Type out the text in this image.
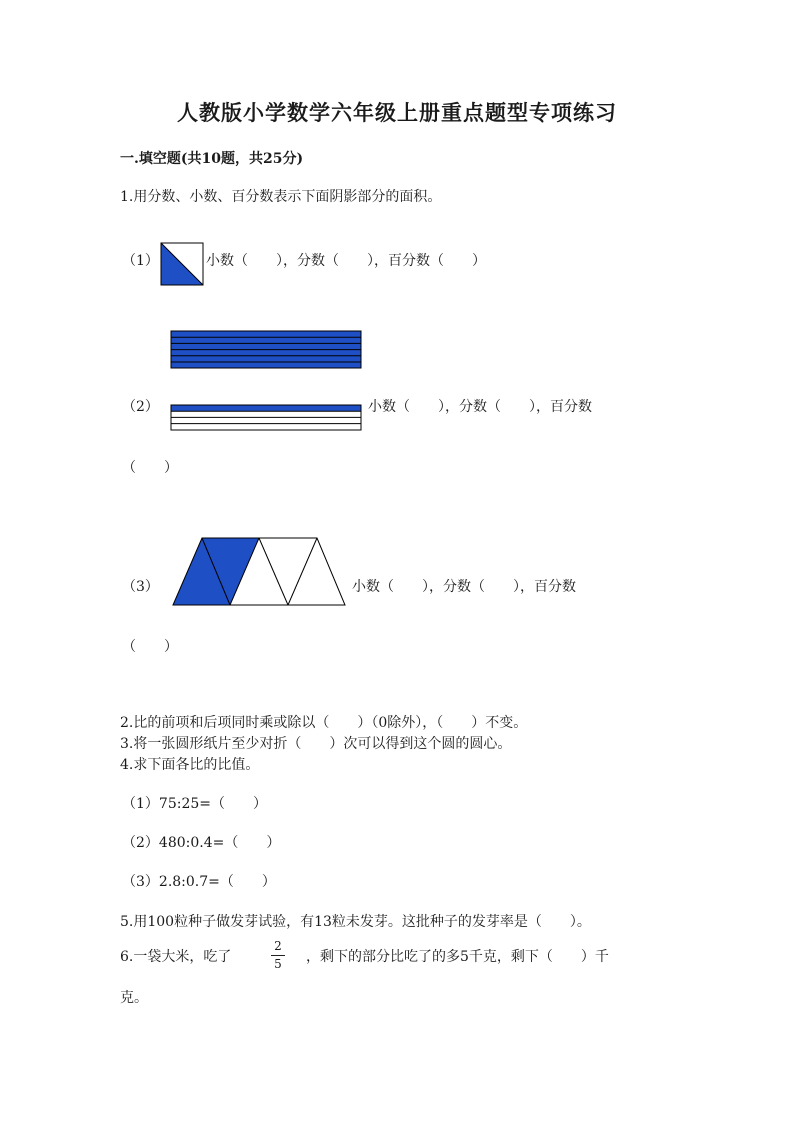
人教版小学数学六年级上册重点题型专项练习
一.填空题(共10题，共25分)
1.用分数、小数、百分数表示下面阴影部分的面积。
（1）	小数（　　），分数（　　），百分数（　　）
（2）	小数（　　），分数（　　），百分数
（　　）
（3）	小数（　　），分数（　　），百分数
（　　）
2.比的前项和后项同时乘或除以（　　）（0除外），（　　）不变。
3.将一张圆形纸片至少对折（　　）次可以得到这个圆的圆心。
4.求下面各比的比值。
（1）75:25=（　　）
（2）480:0.4=（　　）
（3）2.8:0.7=（　　）
5.用100粒种子做发芽试验，有13粒未发芽。这批种子的发芽率是（　　）。
6.一袋大米，吃了
2
5 ，剩下的部分比吃了的多5千克，剩下（　　）千
克。
